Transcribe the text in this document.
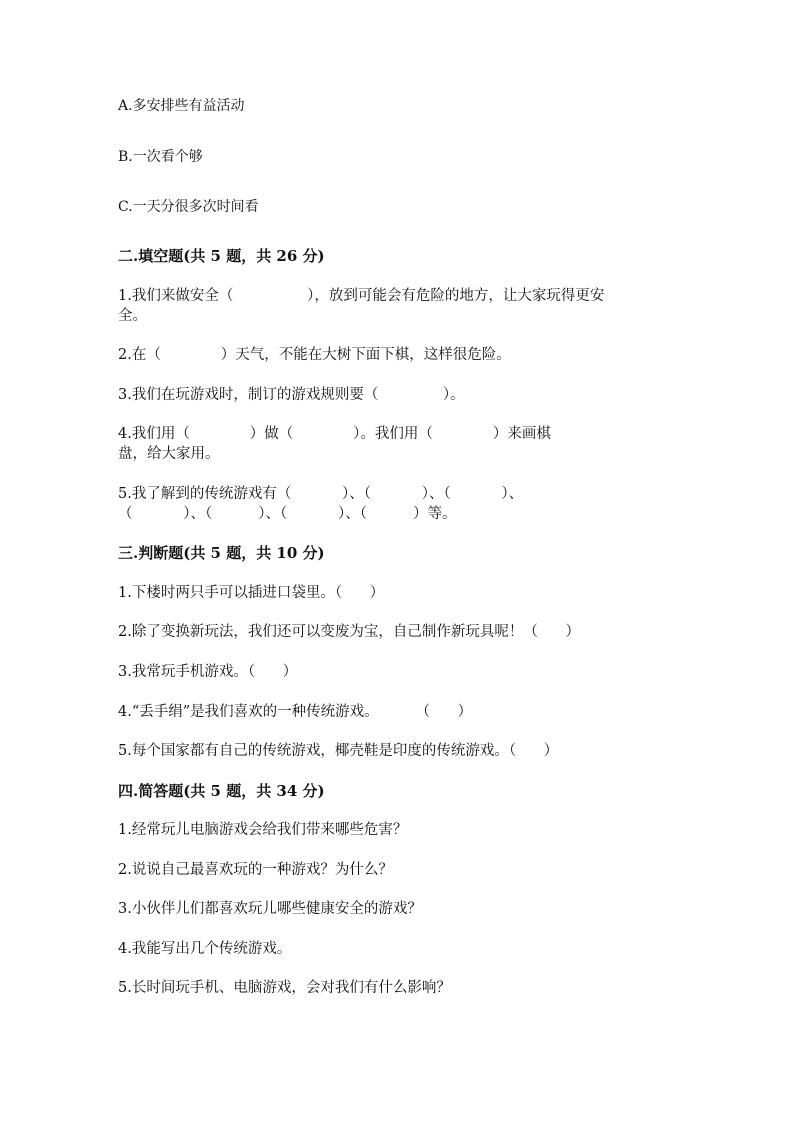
A.多安排些有益活动
B.一次看个够
C.一天分很多次时间看
二.填空题(共 5 题，共 26 分)
1.我们来做安全（                ），放到可能会有危险的地方，让大家玩得更安
全。
2.在（             ）天气，不能在大树下面下棋，这样很危险。
3.我们在玩游戏时，制订的游戏规则要（              ）。
4.我们用（             ）做（             ）。我们用（             ）来画棋
盘，给大家用。
5.我了解到的传统游戏有（           ）、（           ）、（           ）、
（           ）、（          ）、（           ）、（          ）等。
三.判断题(共 5 题，共 10 分)
1.下楼时两只手可以插进口袋里。（      ）
2.除了变换新玩法，我们还可以变废为宝，自己制作新玩具呢！（      ）
3.我常玩手机游戏。（      ）
4.“丢手绢”是我们喜欢的一种传统游戏。        （      ）
5.每个国家都有自己的传统游戏，椰壳鞋是印度的传统游戏。（      ）
四.简答题(共 5 题，共 34 分)
1.经常玩儿电脑游戏会给我们带来哪些危害？
2.说说自己最喜欢玩的一种游戏？为什么？
3.小伙伴儿们都喜欢玩儿哪些健康安全的游戏？
4.我能写出几个传统游戏。
5.长时间玩手机、电脑游戏，会对我们有什么影响？
